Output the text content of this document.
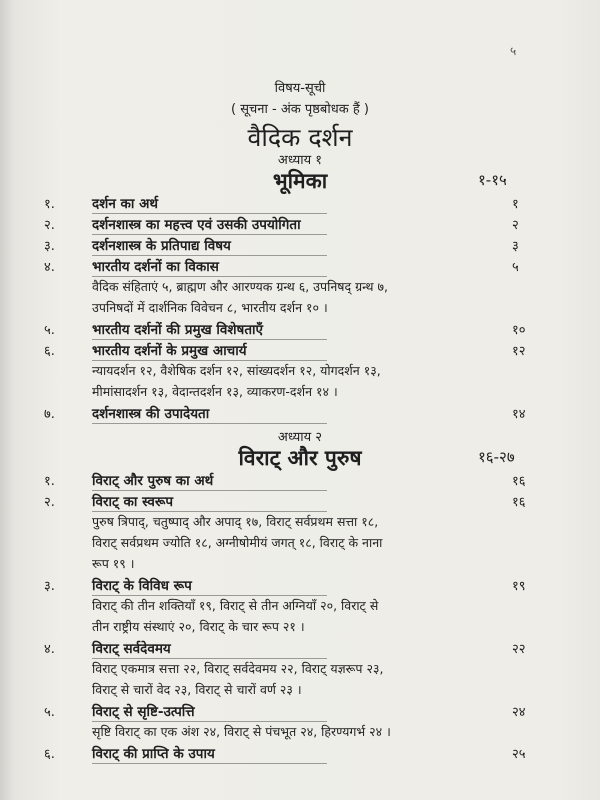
५
विषय-सूची
( सूचना - अंक पृष्ठबोधक हैं )
वैदिक दर्शन
अध्याय १
भूमिका	१-१५
१.	दर्शन का अर्थ	१
२.	दर्शनशास्त्र का महत्त्व एवं उसकी उपयोगिता	२
३.	दर्शनशास्त्र के प्रतिपाद्य विषय	३
४.	भारतीय दर्शनों का विकास	५
वैदिक संहिताएं ५, ब्राह्मण और आरण्यक ग्रन्थ ६, उपनिषद् ग्रन्थ ७,
उपनिषदों में दार्शनिक विवेचन ८, भारतीय दर्शन १० ।
५.	भारतीय दर्शनों की प्रमुख विशेषताएँ	१०
६.	भारतीय दर्शनों के प्रमुख आचार्य	१२
न्यायदर्शन १२, वैशेषिक दर्शन १२, सांख्यदर्शन १२, योगदर्शन १३,
मीमांसादर्शन १३, वेदान्तदर्शन १३, व्याकरण-दर्शन १४ ।
७.	दर्शनशास्त्र की उपादेयता	१४
अध्याय २
विराट् और पुरुष	१६-२७
१.	विराट् और पुरुष का अर्थ	१६
२.	विराट् का स्वरूप	१६
पुरुष त्रिपाद्, चतुष्पाद् और अपाद् १७, विराट् सर्वप्रथम सत्ता १८,
विराट् सर्वप्रथम ज्योति १८, अग्नीषोमीयं जगत् १८, विराट् के नाना
रूप १९ ।
३.	विराट् के विविध रूप	१९
विराट् की तीन शक्तियाँ १९, विराट् से तीन अग्नियाँ २०, विराट् से
तीन राष्ट्रीय संस्थाएं २०, विराट् के चार रूप २१ ।
४.	विराट् सर्वदेवमय	२२
विराट् एकमात्र सत्ता २२, विराट् सर्वदेवमय २२, विराट् यज्ञरूप २३,
विराट् से चारों वेद २३, विराट् से चारों वर्ण २३ ।
५.	विराट् से सृष्टि-उत्पत्ति	२४
सृष्टि विराट् का एक अंश २४, विराट् से पंचभूत २४, हिरण्यगर्भ २४ ।
६.	विराट् की प्राप्ति के उपाय	२५
